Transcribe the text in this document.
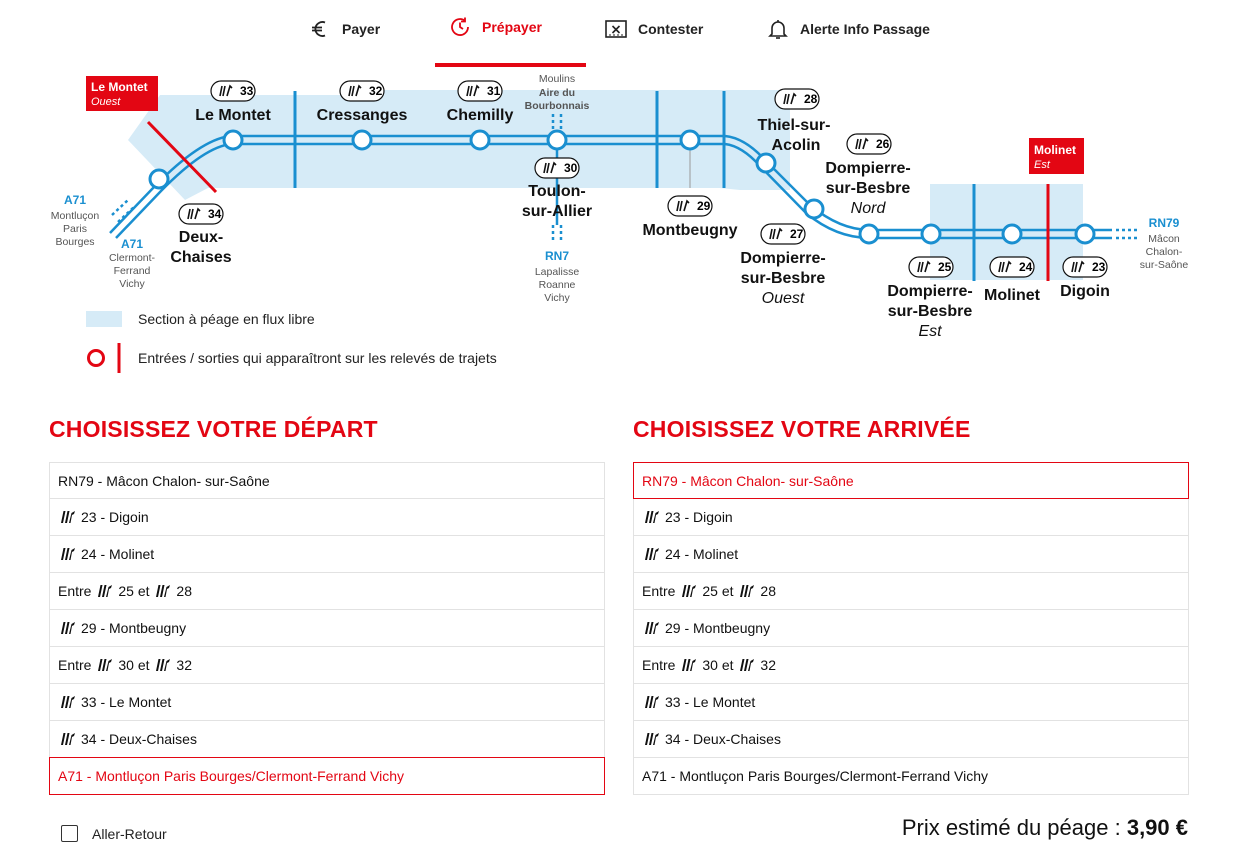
Payer	Prépayer	Contester	Alerte Info Passage
Le Montet
Ouest
Molinet
Est
33	32	31
30
29
28
26
27
25	24	23
34
Le Montet	Cressanges Chemilly
Toulon-
sur-Allier
Montbeugny
Thiel-sur-
Acolin
Dompierre-
sur-Besbre
Nord
Dompierre-
sur-Besbre
Ouest	Dompierre-
sur-Besbre
Est
Molinet Digoin
Deux-
Chaises
Moulins
Aire du
Bourbonnais
A71
Montluçon
Paris
Bourges A71
Clermont-
Ferrand
Vichy
RN7
Lapalisse
Roanne
Vichy
RN79
Mâcon
Chalon-
sur-Saône
Section à péage en flux libre
Entrées / sorties qui apparaîtront sur les relevés de trajets
CHOISISSEZ VOTRE DÉPART
RN79 - Mâcon Chalon- sur-Saône
23 - Digoin
24 - Molinet
Entre 25 et 28
29 - Montbeugny
Entre 30 et 32
33 - Le Montet
34 - Deux-Chaises
A71 - Montluçon Paris Bourges/Clermont-Ferrand Vichy
CHOISISSEZ VOTRE ARRIVÉE
RN79 - Mâcon Chalon- sur-Saône
23 - Digoin
24 - Molinet
Entre 25 et 28
29 - Montbeugny
Entre 30 et 32
33 - Le Montet
34 - Deux-Chaises
A71 - Montluçon Paris Bourges/Clermont-Ferrand Vichy
Aller-Retour	Prix estimé du péage : 3,90 €
